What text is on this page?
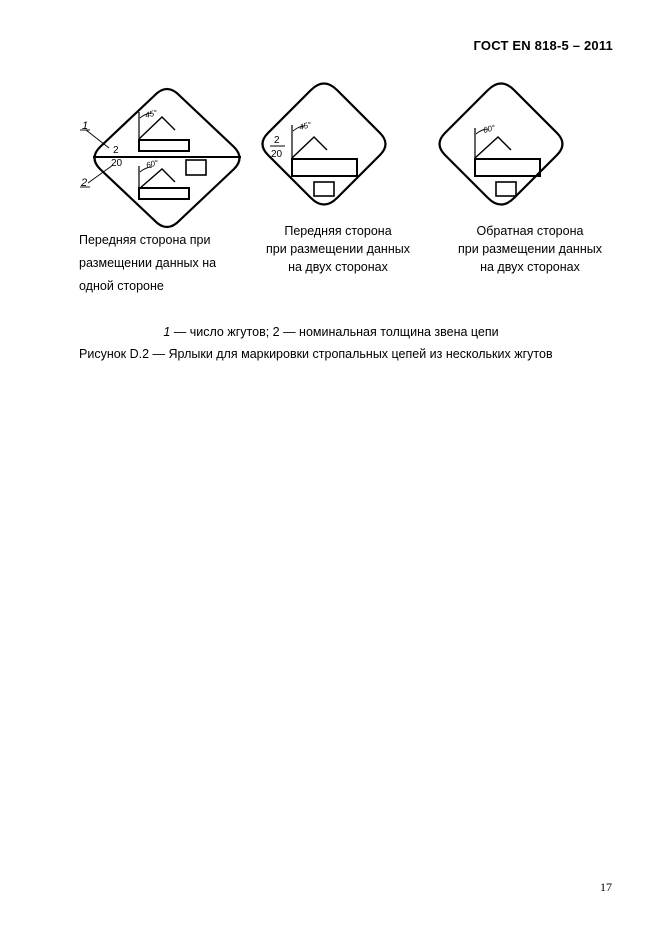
ГОСТ EN 818-5 – 2011
1
2
2
20
45°
60°
2
20
45°	60°
Передняя сторона при
размещении данных на
одной стороне
Передняя сторона
при размещении данных
на двух сторонах
Обратная сторона
при размещении данных
на двух сторонах
1 — число жгутов; 2 — номинальная толщина звена цепи
Рисунок D.2 — Ярлыки для маркировки стропальных цепей из нескольких жгутов
17
